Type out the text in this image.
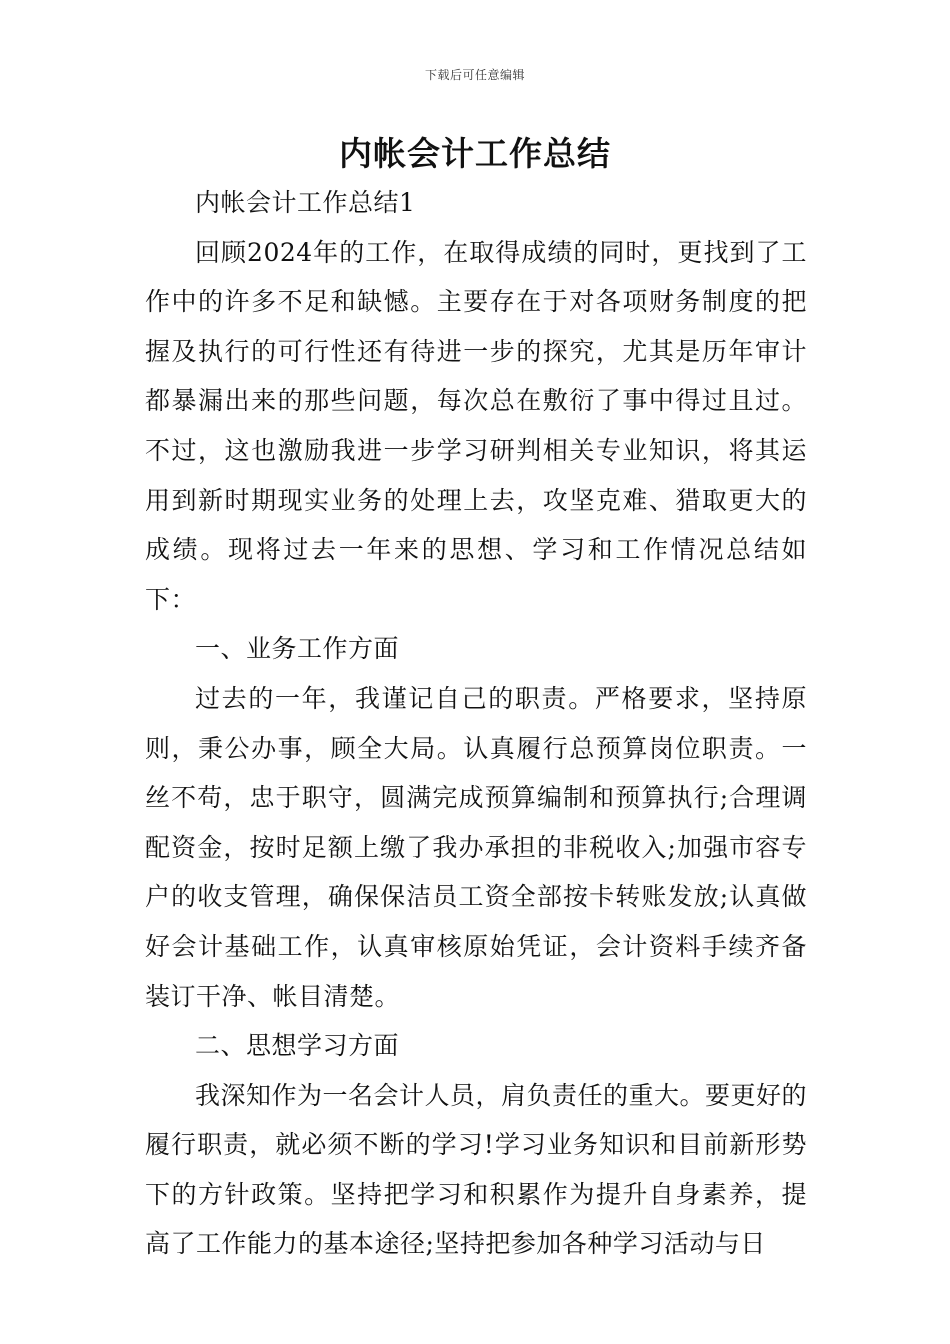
下载后可任意编辑
内帐会计工作总结

内帐会计工作总结1

回顾2024年的工作，在取得成绩的同时，更找到了工作中的许多不足和缺憾。主要存在于对各项财务制度的把握及执行的可行性还有待进一步的探究，尤其是历年审计都暴漏出来的那些问题，每次总在敷衍了事中得过且过。不过，这也激励我进一步学习研判相关专业知识，将其运用到新时期现实业务的处理上去，攻坚克难、猎取更大的成绩。现将过去一年来的思想、学习和工作情况总结如下：

一、业务工作方面

过去的一年，我谨记自己的职责。严格要求，坚持原则，秉公办事，顾全大局。认真履行总预算岗位职责。一丝不苟，忠于职守，圆满完成预算编制和预算执行;合理调配资金，按时足额上缴了我办承担的非税收入;加强市容专户的收支管理，确保保洁员工资全部按卡转账发放;认真做好会计基础工作，认真审核原始凭证，会计资料手续齐备装订干净、帐目清楚。

二、思想学习方面

我深知作为一名会计人员，肩负责任的重大。要更好的履行职责，就必须不断的学习!学习业务知识和目前新形势下的方针政策。坚持把学习和积累作为提升自身素养，提高了工作能力的基本途径;坚持把参加各种学习活动与日
